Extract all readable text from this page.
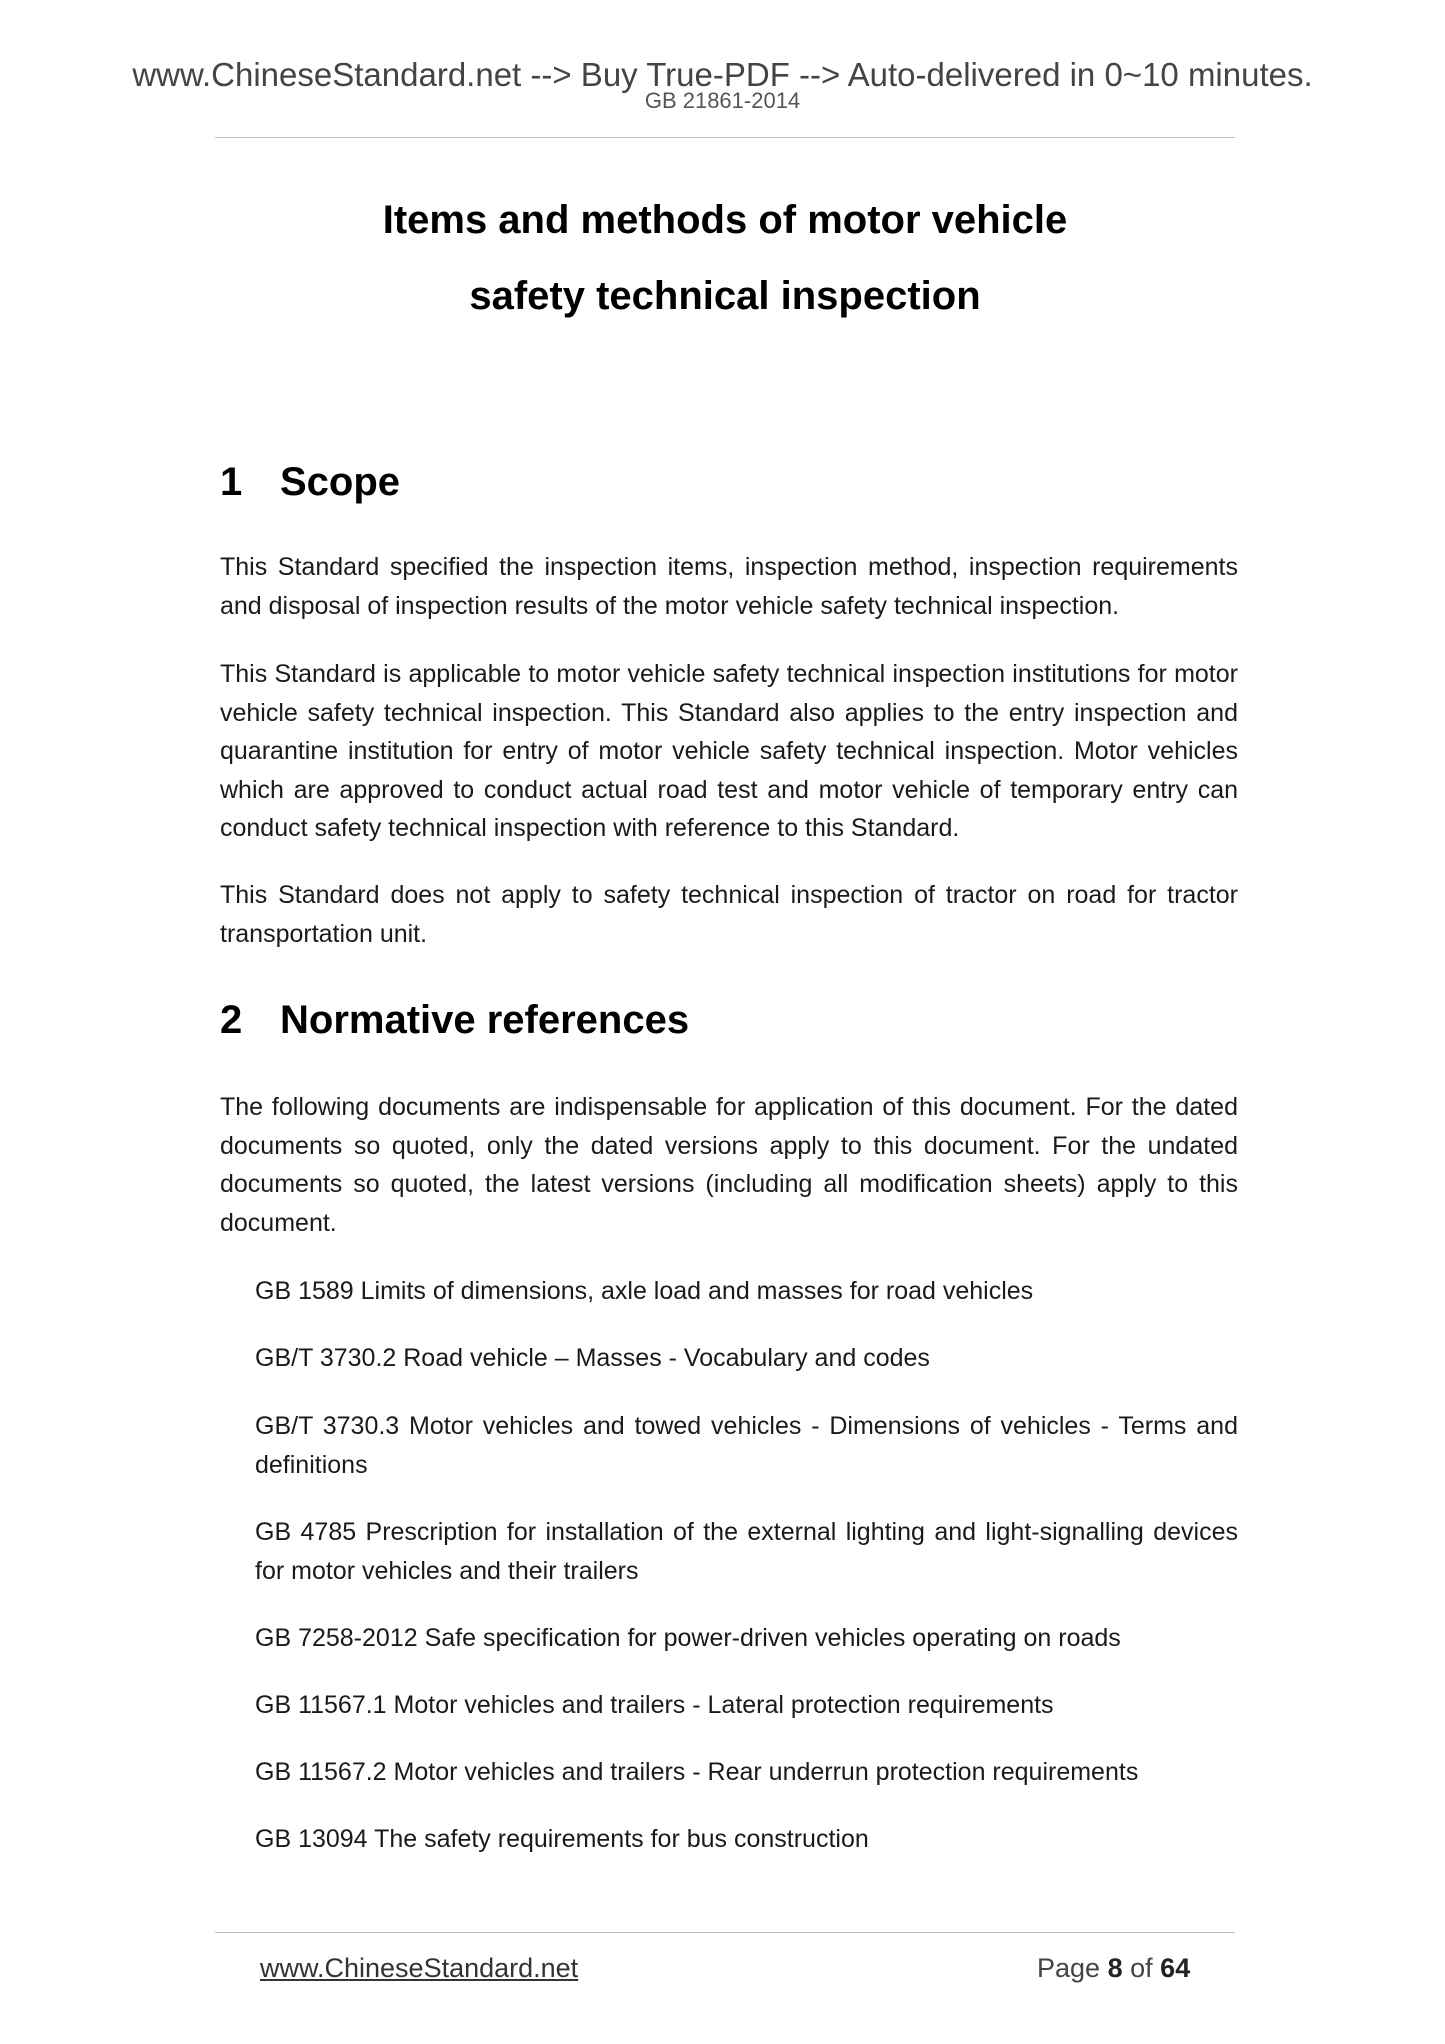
www.ChineseStandard.net --> Buy True-PDF --> Auto-delivered in 0~10 minutes.
GB 21861-2014
Items and methods of motor vehicle
safety technical inspection
1 Scope
This Standard specified the inspection items, inspection method, inspection requirements and disposal of inspection results of the motor vehicle safety technical inspection.
This Standard is applicable to motor vehicle safety technical inspection institutions for motor vehicle safety technical inspection. This Standard also applies to the entry inspection and quarantine institution for entry of motor vehicle safety technical inspection. Motor vehicles which are approved to conduct actual road test and motor vehicle of temporary entry can conduct safety technical inspection with reference to this Standard.
This Standard does not apply to safety technical inspection of tractor on road for tractor transportation unit.
2 Normative references
The following documents are indispensable for application of this document. For the dated documents so quoted, only the dated versions apply to this document. For the undated documents so quoted, the latest versions (including all modification sheets) apply to this document.
GB 1589 Limits of dimensions, axle load and masses for road vehicles
GB/T 3730.2 Road vehicle – Masses - Vocabulary and codes
GB/T 3730.3 Motor vehicles and towed vehicles - Dimensions of vehicles - Terms and definitions
GB 4785 Prescription for installation of the external lighting and light-signalling devices for motor vehicles and their trailers
GB 7258-2012 Safe specification for power-driven vehicles operating on roads
GB 11567.1 Motor vehicles and trailers - Lateral protection requirements
GB 11567.2 Motor vehicles and trailers - Rear underrun protection requirements
GB 13094 The safety requirements for bus construction
www.ChineseStandard.net	Page 8 of 64
